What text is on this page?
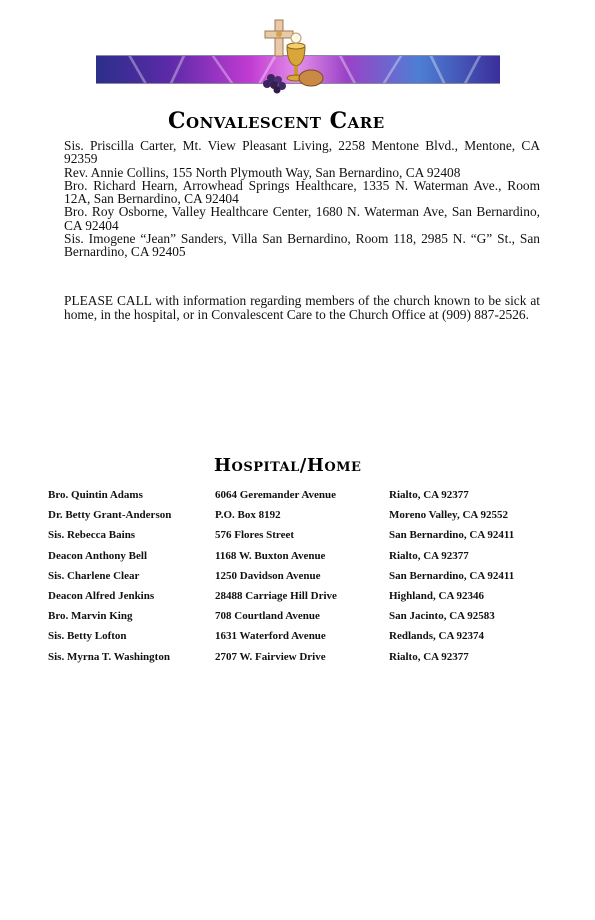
Convalescent Care

Sis. Priscilla Carter, Mt. View Pleasant Living, 2258 Mentone Blvd., Mentone, CA 92359

Rev. Annie Collins, 155 North Plymouth Way, San Bernardino, CA 92408

Bro. Richard Hearn, Arrowhead Springs Healthcare, 1335 N. Waterman Ave., Room 12A, San Bernardino, CA 92404

Bro. Roy Osborne, Valley Healthcare Center, 1680 N. Waterman Ave, San Bernardino, CA 92404

Sis. Imogene “Jean” Sanders, Villa San Bernardino, Room 118, 2985 N. “G” St., San Bernardino, CA 92405

PLEASE CALL with information regarding members of the church known to be sick at home, in the hospital, or in Convalescent Care to the Church Office at (909) 887-2526.

Hospital/Home
Bro. Quintin Adams	6064 Geremander Avenue	Rialto, CA 92377
Dr. Betty Grant-Anderson	P.O. Box 8192	Moreno Valley, CA 92552
Sis. Rebecca Bains	576 Flores Street	San Bernardino, CA 92411
Deacon Anthony Bell	1168 W. Buxton Avenue	Rialto, CA 92377
Sis. Charlene Clear	1250 Davidson Avenue	San Bernardino, CA 92411
Deacon Alfred Jenkins	28488 Carriage Hill Drive	Highland, CA 92346
Bro. Marvin King	708 Courtland Avenue	San Jacinto, CA 92583
Sis. Betty Lofton	1631 Waterford Avenue	Redlands, CA 92374
Sis. Myrna T. Washington	2707 W. Fairview Drive	Rialto, CA 92377
